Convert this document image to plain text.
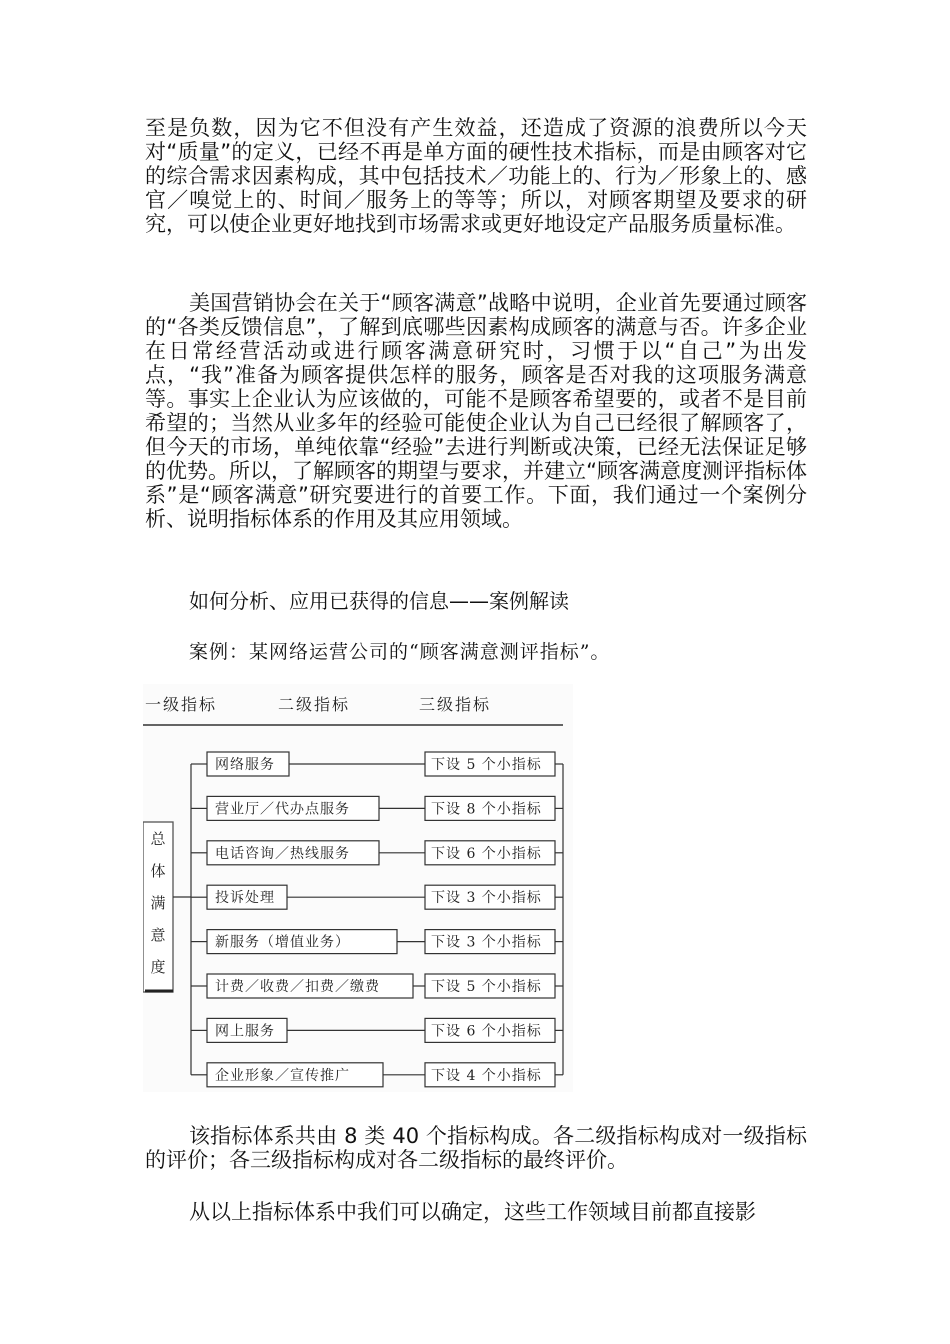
至是负数，因为它不但没有产生效益，还造成了资源的浪费所以今天对“质量”的定义，已经不再是单方面的硬性技术指标，而是由顾客对它的综合需求因素构成，其中包括技术／功能上的、行为／形象上的、感官／嗅觉上的、时间／服务上的等等；所以，对顾客期望及要求的研究，可以使企业更好地找到市场需求或更好地设定产品服务质量标准。

美国营销协会在关于“顾客满意”战略中说明，企业首先要通过顾客的“各类反馈信息”，了解到底哪些因素构成顾客的满意与否。许多企业在日常经营活动或进行顾客满意研究时，习惯于以“自己”为出发点，“我”准备为顾客提供怎样的服务，顾客是否对我的这项服务满意等。事实上企业认为应该做的，可能不是顾客希望要的，或者不是目前希望的；当然从业多年的经验可能使企业认为自己已经很了解顾客了，但今天的市场，单纯依靠“经验”去进行判断或决策，已经无法保证足够的优势。所以，了解顾客的期望与要求，并建立“顾客满意度测评指标体系”是“顾客满意”研究要进行的首要工作。下面，我们通过一个案例分析、说明指标体系的作用及其应用领域。

如何分析、应用已获得的信息——案例解读

案例：某网络运营公司的“顾客满意测评指标”。

一级指标	二级指标	三级指标
总
体
满
意
度
网络服务	下设 5 个小指标
营业厅／代办点服务	下设 8 个小指标
电话咨询／热线服务	下设 6 个小指标
投诉处理	下设 3 个小指标
新服务（增值业务）	下设 3 个小指标
计费／收费／扣费／缴费	下设 5 个小指标
网上服务	下设 6 个小指标
企业形象／宣传推广	下设 4 个小指标

该指标体系共由 8 类 40 个指标构成。各二级指标构成对一级指标的评价；各三级指标构成对各二级指标的最终评价。

从以上指标体系中我们可以确定，这些工作领域目前都直接影
